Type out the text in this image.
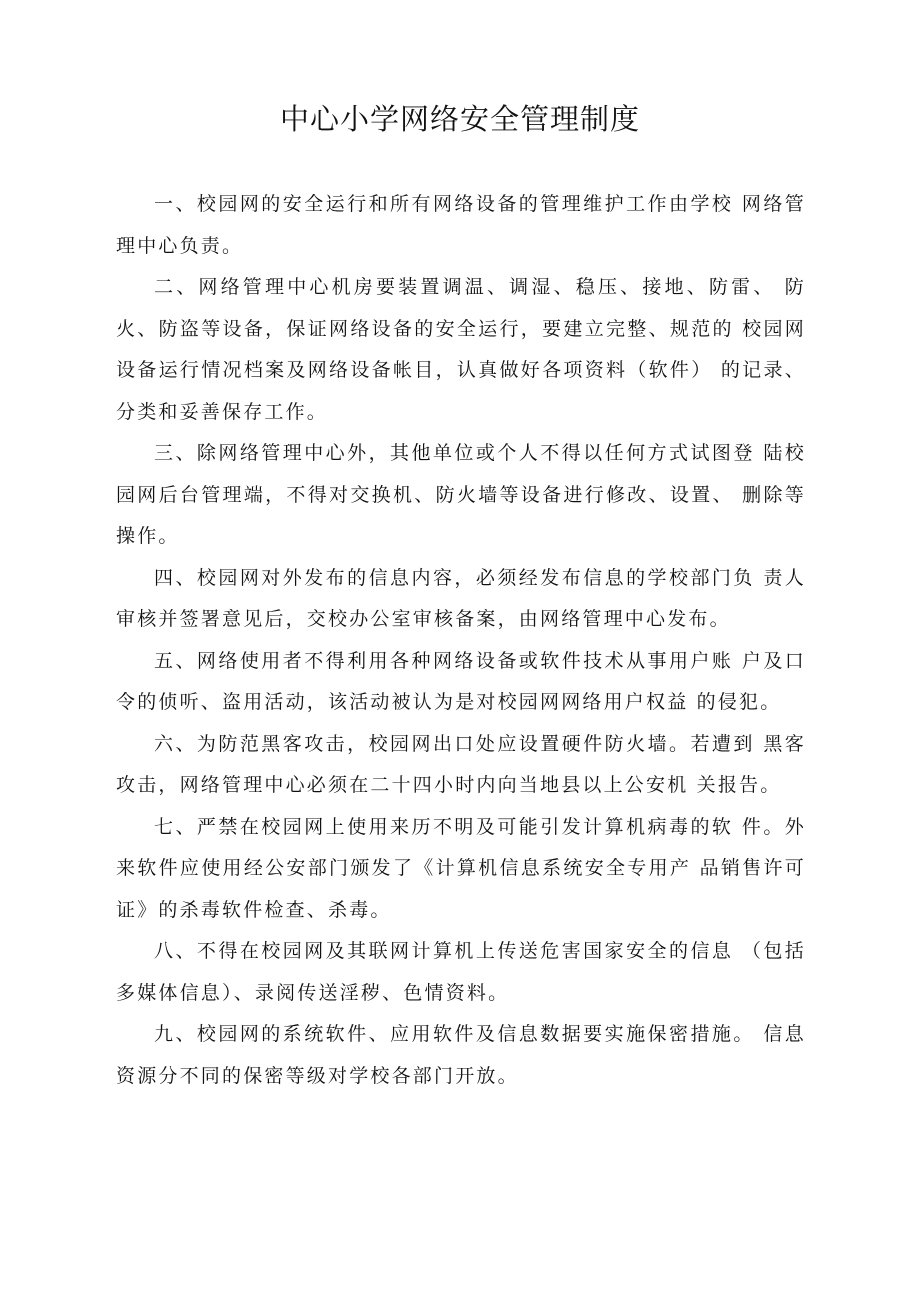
中心小学网络安全管理制度

一、校园网的安全运行和所有网络设备的管理维护工作由学校 网络管理中心负责。

二、网络管理中心机房要装置调温、调湿、稳压、接地、防雷、 防火、防盗等设备，保证网络设备的安全运行，要建立完整、规范的 校园网设备运行情况档案及网络设备帐目，认真做好各项资料（软件） 的记录、分类和妥善保存工作。

三、除网络管理中心外，其他单位或个人不得以任何方式试图登 陆校园网后台管理端，不得对交换机、防火墙等设备进行修改、设置、 删除等操作。

四、校园网对外发布的信息内容，必须经发布信息的学校部门负 责人审核并签署意见后，交校办公室审核备案，由网络管理中心发布。

五、网络使用者不得利用各种网络设备或软件技术从事用户账 户及口令的侦听、盗用活动，该活动被认为是对校园网网络用户权益 的侵犯。

六、为防范黑客攻击，校园网出口处应设置硬件防火墙。若遭到 黑客攻击，网络管理中心必须在二十四小时内向当地县以上公安机 关报告。

七、严禁在校园网上使用来历不明及可能引发计算机病毒的软 件。外来软件应使用经公安部门颁发了《计算机信息系统安全专用产 品销售许可证》的杀毒软件检查、杀毒。

八、不得在校园网及其联网计算机上传送危害国家安全的信息 （包括多媒体信息）、录阅传送淫秽、色情资料。

九、校园网的系统软件、应用软件及信息数据要实施保密措施。 信息资源分不同的保密等级对学校各部门开放。
